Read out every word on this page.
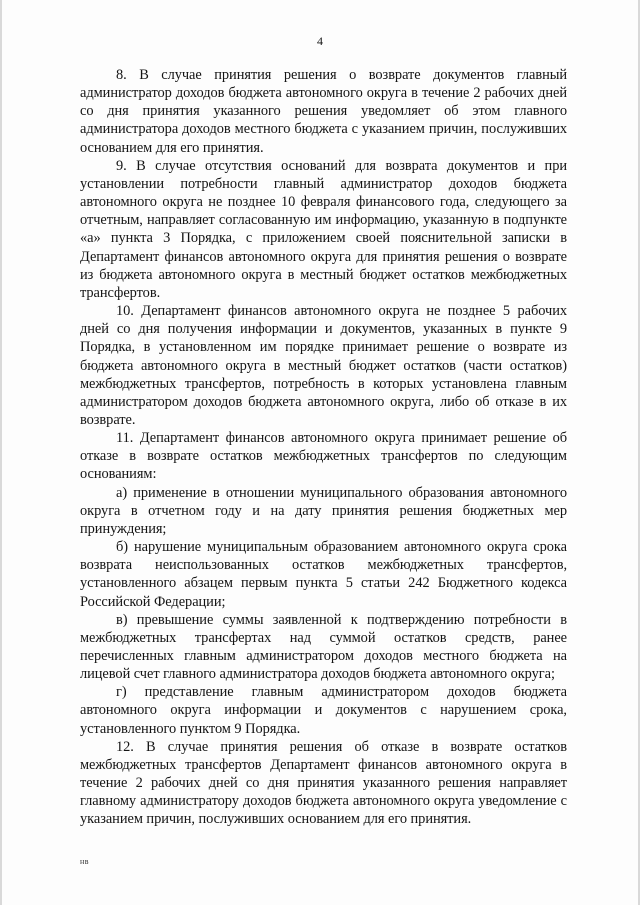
4

8. В случае принятия решения о возврате документов главный администратор доходов бюджета автономного округа в течение 2 рабочих дней со дня принятия указанного решения уведомляет об этом главного администратора доходов местного бюджета с указанием причин, послуживших основанием для его принятия.

9. В случае отсутствия оснований для возврата документов и при установлении потребности главный администратор доходов бюджета автономного округа не позднее 10 февраля финансового года, следующего за отчетным, направляет согласованную им информацию, указанную в подпункте «а» пункта 3 Порядка, с приложением своей пояснительной записки в Департамент финансов автономного округа для принятия решения о возврате из бюджета автономного округа в местный бюджет остатков межбюджетных трансфертов.

10. Департамент финансов автономного округа не позднее 5 рабочих дней со дня получения информации и документов, указанных в пункте 9 Порядка, в установленном им порядке принимает решение о возврате из бюджета автономного округа в местный бюджет остатков (части остатков) межбюджетных трансфертов, потребность в которых установлена главным администратором доходов бюджета автономного округа, либо об отказе в их возврате.

11. Департамент финансов автономного округа принимает решение об отказе в возврате остатков межбюджетных трансфертов по следующим основаниям:

а) применение в отношении муниципального образования автономного округа в отчетном году и на дату принятия решения бюджетных мер принуждения;

б) нарушение муниципальным образованием автономного округа срока возврата неиспользованных остатков межбюджетных трансфертов, установленного абзацем первым пункта 5 статьи 242 Бюджетного кодекса Российской Федерации;

в) превышение суммы заявленной к подтверждению потребности в межбюджетных трансфертах над суммой остатков средств, ранее перечисленных главным администратором доходов местного бюджета на лицевой счет главного администратора доходов бюджета автономного округа;

г) представление главным администратором доходов бюджета автономного округа информации и документов с нарушением срока, установленного пунктом 9 Порядка.

12. В случае принятия решения об отказе в возврате остатков межбюджетных трансфертов Департамент финансов автономного округа в течение 2 рабочих дней со дня принятия указанного решения направляет главному администратору доходов бюджета автономного округа уведомление с указанием причин, послуживших основанием для его принятия.

нв
